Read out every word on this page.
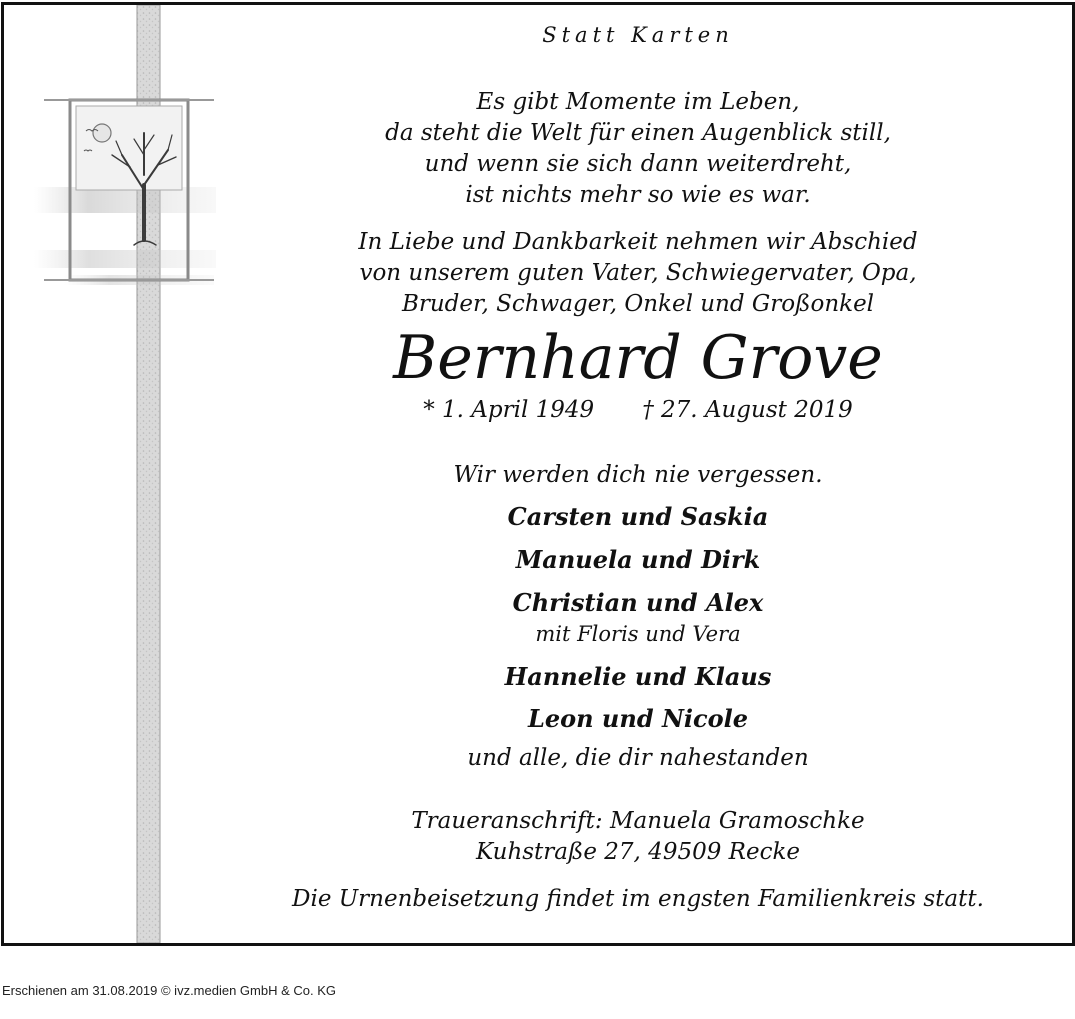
Statt Karten
Es gibt Momente im Leben,
da steht die Welt für einen Augenblick still,
und wenn sie sich dann weiterdreht,
ist nichts mehr so wie es war.
In Liebe und Dankbarkeit nehmen wir Abschied
von unserem guten Vater, Schwiegervater, Opa,
Bruder, Schwager, Onkel und Großonkel
Bernhard Grove
* 1. April 1949 † 27. August 2019
Wir werden dich nie vergessen.
Carsten und Saskia
Manuela und Dirk
Christian und Alex
mit Floris und Vera
Hannelie und Klaus
Leon und Nicole
und alle, die dir nahestanden
Traueranschrift: Manuela Gramoschke
Kuhstraße 27, 49509 Recke
Die Urnenbeisetzung findet im engsten Familienkreis statt.
Erschienen am 31.08.2019 © ivz.medien GmbH & Co. KG
